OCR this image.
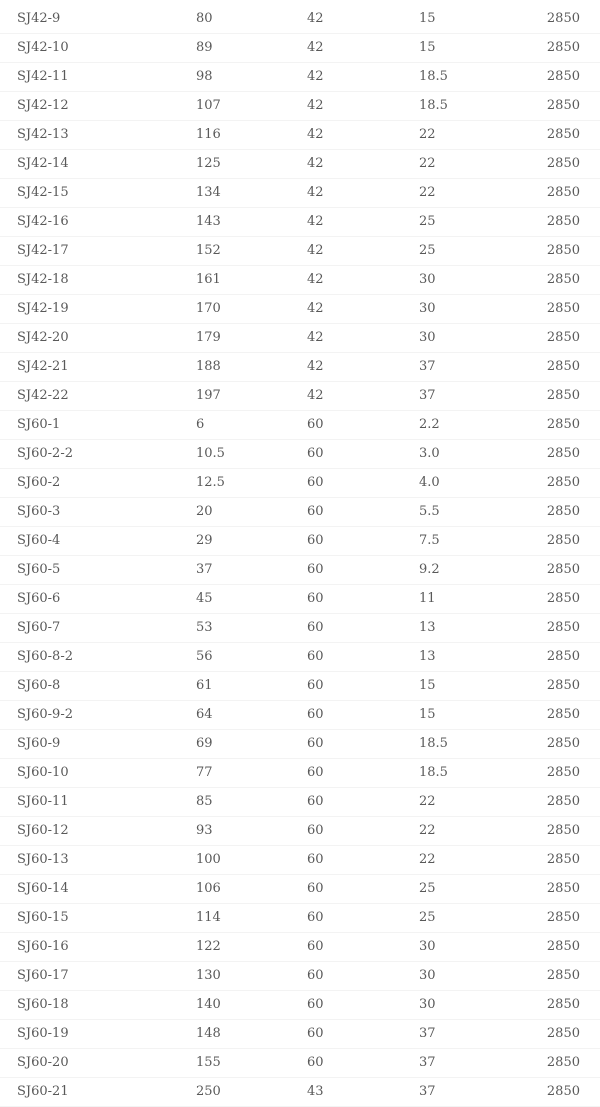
SJ42-9	80	42	15	2850
SJ42-10	89	42	15	2850
SJ42-11	98	42	18.5	2850
SJ42-12	107	42	18.5	2850
SJ42-13	116	42	22	2850
SJ42-14	125	42	22	2850
SJ42-15	134	42	22	2850
SJ42-16	143	42	25	2850
SJ42-17	152	42	25	2850
SJ42-18	161	42	30	2850
SJ42-19	170	42	30	2850
SJ42-20	179	42	30	2850
SJ42-21	188	42	37	2850
SJ42-22	197	42	37	2850
SJ60-1	6	60	2.2	2850
SJ60-2-2	10.5	60	3.0	2850
SJ60-2	12.5	60	4.0	2850
SJ60-3	20	60	5.5	2850
SJ60-4	29	60	7.5	2850
SJ60-5	37	60	9.2	2850
SJ60-6	45	60	11	2850
SJ60-7	53	60	13	2850
SJ60-8-2	56	60	13	2850
SJ60-8	61	60	15	2850
SJ60-9-2	64	60	15	2850
SJ60-9	69	60	18.5	2850
SJ60-10	77	60	18.5	2850
SJ60-11	85	60	22	2850
SJ60-12	93	60	22	2850
SJ60-13	100	60	22	2850
SJ60-14	106	60	25	2850
SJ60-15	114	60	25	2850
SJ60-16	122	60	30	2850
SJ60-17	130	60	30	2850
SJ60-18	140	60	30	2850
SJ60-19	148	60	37	2850
SJ60-20	155	60	37	2850
SJ60-21	250	43	37	2850
